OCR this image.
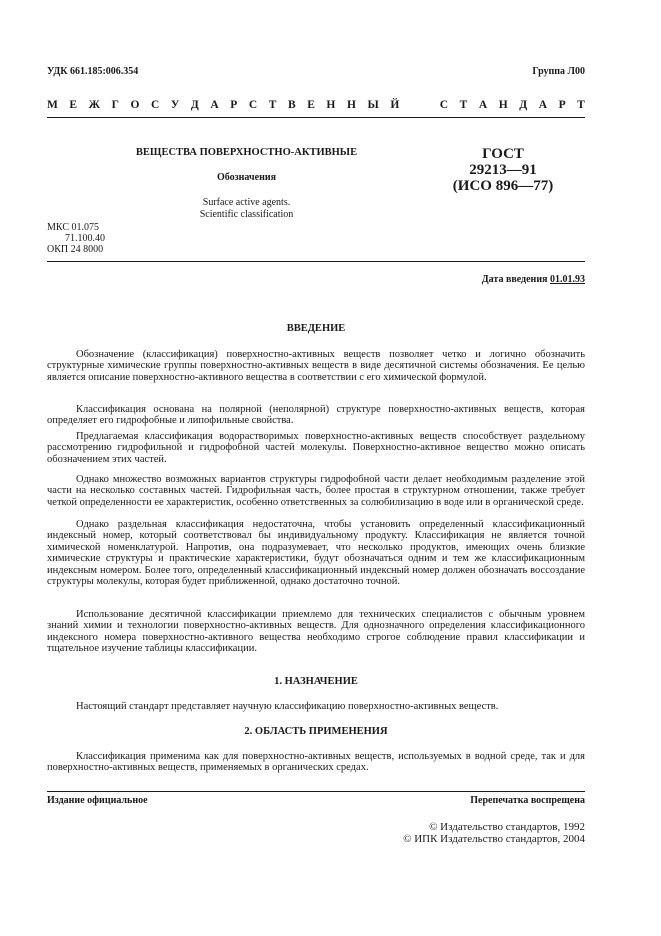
УДК 661.185:006.354	Группа Л00
М Е Ж Г О С У Д А Р С Т В Е Н Н Ы Й

	С Т А Н Д А Р Т
ВЕЩЕСТВА ПОВЕРХНОСТНО-АКТИВНЫЕ
Обозначения
Surface active agents.
Scientific classification
ГОСТ
29213—91
(ИСО 896—77)
МКС 01.075
71.100.40
ОКП 24 8000
Дата введения 01.01.93
ВВЕДЕНИЕ

Обозначение (классификация) поверхностно-активных веществ позволяет четко и логично обозначить структурные химические группы поверхностно-активных веществ в виде десятичной системы обозначения. Ее целью является описание поверхностно-активного вещества в соответствии с его химической формулой.

Классификация основана на полярной (неполярной) структуре поверхностно-активных веществ, которая определяет его гидрофобные и липофильные свойства.

Предлагаемая классификация водорастворимых поверхностно-активных веществ способствует раздельному рассмотрению гидрофильной и гидрофобной частей молекулы. Поверхностно-активное вещество можно описать обозначением этих частей.

Однако множество возможных вариантов структуры гидрофобной части делает необходимым разделение этой части на несколько составных частей. Гидрофильная часть, более простая в структурном отношении, также требует четкой определенности ее характеристик, особенно ответственных за солюбилизацию в воде или в органической среде.

Однако раздельная классификация недостаточна, чтобы установить определенный классификационный индексный номер, который соответствовал бы индивидуальному продукту. Классификация не является точной химической номенклатурой. Напротив, она подразумевает, что несколько продуктов, имеющих очень близкие химические структуры и практические характеристики, будут обозначаться одним и тем же классификационным индексным номером. Более того, определенный классификационный индексный номер должен обозначать воссоздание структуры молекулы, которая будет приближенной, однако достаточно точной.

Использование десятичной классификации приемлемо для технических специалистов с обычным уровнем знаний химии и технологии поверхностно-активных веществ. Для однозначного определения классификационного индексного номера поверхностно-активного вещества необходимо строгое соблюдение правил классификации и тщательное изучение таблицы классификации.

1. НАЗНАЧЕНИЕ

Настоящий стандарт представляет научную классификацию поверхностно-активных веществ.

2. ОБЛАСТЬ ПРИМЕНЕНИЯ

Классификация применима как для поверхностно-активных веществ, используемых в водной среде, так и для поверхностно-активных веществ, применяемых в органических средах.

Издание официальное	Перепечатка воспрещена
© Издательство стандартов, 1992
© ИПК Издательство стандартов, 2004
